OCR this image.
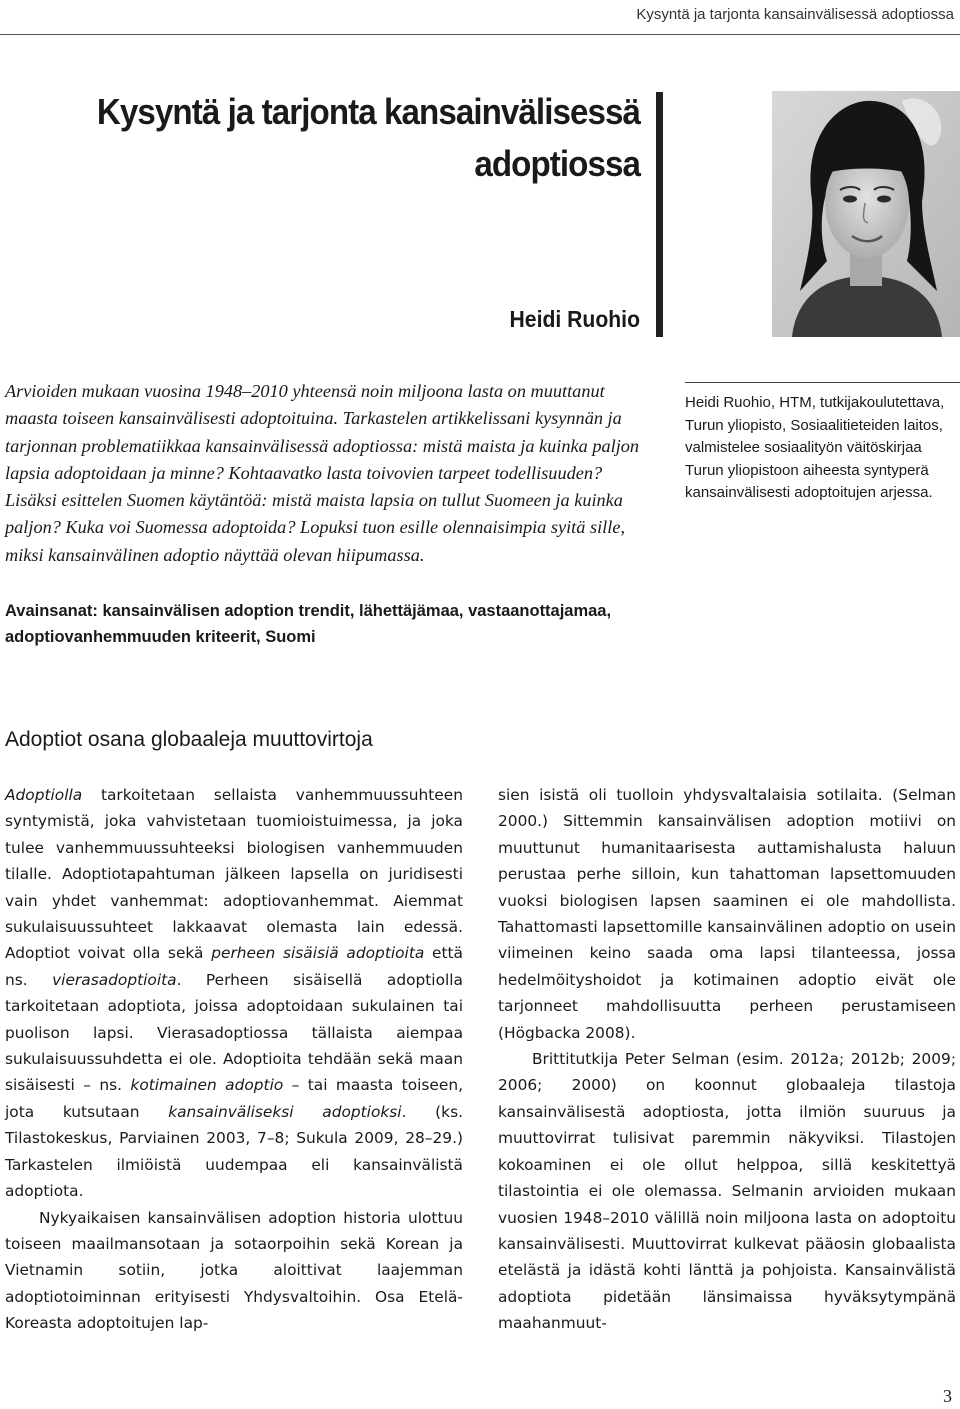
Kysyntä ja tarjonta kansainvälisessä adoptiossa
Kysyntä ja tarjonta kansainvälisessä
adoptiossa
Heidi Ruohio

Arvioiden mukaan vuosina 1948–2010 yhteensä noin miljoona lasta on muuttanut maasta toiseen kansainvälisesti adoptoituina. Tarkastelen artikkelissani kysynnän ja tarjonnan problematiikkaa kansainvälisessä adoptiossa: mistä maista ja kuinka paljon lapsia adoptoidaan ja minne? Kohtaavatko lasta toivovien tarpeet todellisuuden? Lisäksi esittelen Suomen käytäntöä: mistä maista lapsia on tullut Suomeen ja kuinka paljon? Kuka voi Suomessa adoptoida? Lopuksi tuon esille olennaisimpia syitä sille, miksi kansainvälinen adoptio näyttää olevan hiipumassa.

Avainsanat: kansainvälisen adoption trendit, lähettäjämaa, vastaanottajamaa, adoptiovanhemmuuden kriteerit, Suomi

Heidi Ruohio, HTM, tutkijakoulutettava, Turun yliopisto, Sosiaalitieteiden laitos, valmistelee sosiaalityön väitöskirjaa Turun yliopistoon aiheesta syntyperä kansainvälisesti adoptoitujen arjessa.

Adoptiot osana globaaleja muuttovirtoja

Adoptiolla tarkoitetaan sellaista vanhemmuussuhteen syntymistä, joka vahvistetaan tuomioistuimessa, ja joka tulee vanhemmuussuhteeksi biologisen vanhemmuuden tilalle. Adoptiotapahtuman jälkeen lapsella on juridisesti vain yhdet vanhemmat: adoptiovanhemmat. Aiemmat sukulaisuussuhteet lakkaavat olemasta lain edessä. Adoptiot voivat olla sekä perheen sisäisiä adoptioita että ns. vierasadoptioita. Perheen sisäisellä adoptiolla tarkoitetaan adoptiota, joissa adoptoidaan sukulainen tai puolison lapsi. Vierasadoptiossa tällaista aiempaa sukulaisuussuhdetta ei ole. Adoptioita tehdään sekä maan sisäisesti – ns. kotimainen adoptio – tai maasta toiseen, jota kutsutaan kansainväliseksi adoptioksi. (ks. Tilastokeskus, Parviainen 2003, 7–8; Sukula 2009, 28–29.) Tarkastelen ilmiöistä uudempaa eli kansainvälistä adoptiota.

Nykyaikaisen kansainvälisen adoption historia ulottuu toiseen maailmansotaan ja sotaorpoihin sekä Korean ja Vietnamin sotiin, jotka aloittivat laajemman adoptiotoiminnan erityisesti Yhdysvaltoihin. Osa Etelä-Koreasta adoptoitujen lap-

sien isistä oli tuolloin yhdysvaltalaisia sotilaita. (Selman 2000.) Sittemmin kansainvälisen adoption motiivi on muuttunut humanitaarisesta auttamishalusta haluun perustaa perhe silloin, kun tahattoman lapsettomuuden vuoksi biologisen lapsen saaminen ei ole mahdollista. Tahattomasti lapsettomille kansainvälinen adoptio on usein viimeinen keino saada oma lapsi tilanteessa, jossa hedelmöityshoidot ja kotimainen adoptio eivät ole tarjonneet mahdollisuutta perheen perustamiseen (Högbacka 2008).

Brittitutkija Peter Selman (esim. 2012a; 2012b; 2009; 2006; 2000) on koonnut globaaleja tilastoja kansainvälisestä adoptiosta, jotta ilmiön suuruus ja muuttovirrat tulisivat paremmin näkyviksi. Tilastojen kokoaminen ei ole ollut helppoa, sillä keskitettyä tilastointia ei ole olemassa. Selmanin arvioiden mukaan vuosien 1948–2010 välillä noin miljoona lasta on adoptoitu kansainvälisesti. Muuttovirrat kulkevat pääosin globaalista etelästä ja idästä kohti länttä ja pohjoista. Kansainvälistä adoptiota pidetään länsimaissa hyväksytympänä maahanmuut-

3
